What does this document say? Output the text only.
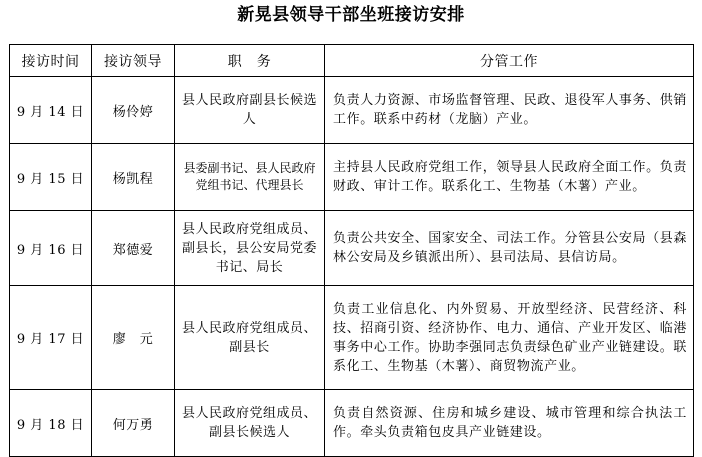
新晃县领导干部坐班接访安排
接访时间	接访领导	职　务	分管工作
9 月 14 日	杨伶婷	县人民政府副县长候选人	负责人力资源、市场监督管理、民政、退役军人事务、供销工作。联系中药材（龙脑）产业。
9 月 15 日	杨凯程	县委副书记、县人民政府党组书记、代理县长	主持县人民政府党组工作，领导县人民政府全面工作。负责财政、审计工作。联系化工、生物基（木薯）产业。
9 月 16 日	郑德爱	县人民政府党组成员、副县长，县公安局党委书记、局长	负责公共安全、国家安全、司法工作。分管县公安局（县森林公安局及乡镇派出所）、县司法局、县信访局。
9 月 17 日	廖　元	县人民政府党组成员、副县长	负责工业信息化、内外贸易、开放型经济、民营经济、科技、招商引资、经济协作、电力、通信、产业开发区、临港事务中心工作。协助李强同志负责绿色矿业产业链建设。联系化工、生物基（木薯）、商贸物流产业。
9 月 18 日	何万勇	县人民政府党组成员、副县长候选人	负责自然资源、住房和城乡建设、城市管理和综合执法工作。牵头负责箱包皮具产业链建设。
